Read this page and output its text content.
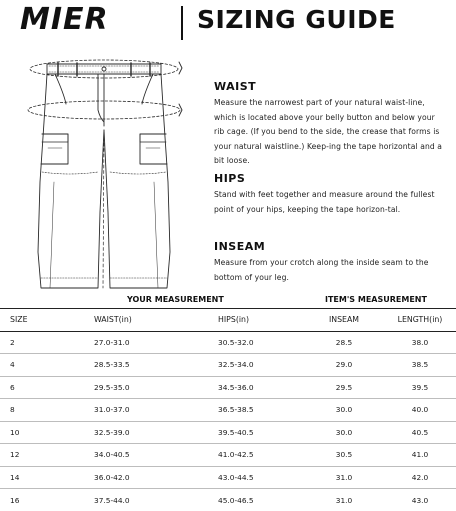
MIER	SIZING GUIDE
WAIST

Measure the narrowest part of your natural waist-line, which is located above your belly button and below your rib cage. (If you bend to the side, the crease that forms is your natural waistline.) Keep-ing the tape horizontal and a bit loose.

HIPS

Stand with feet together and measure around the fullest point of your hips, keeping the tape horizon-tal.

INSEAM

Measure from your crotch along the inside seam to the bottom of your leg.

YOUR MEASUREMENT	ITEM'S MEASUREMENT
SIZE	WAIST(in)	HIPS(in)	INSEAM	LENGTH(in)
2	27.0-31.0	30.5-32.0	28.5	38.0
4	28.5-33.5	32.5-34.0	29.0	38.5
6	29.5-35.0	34.5-36.0	29.5	39.5
8	31.0-37.0	36.5-38.5	30.0	40.0
10	32.5-39.0	39.5-40.5	30.0	40.5
12	34.0-40.5	41.0-42.5	30.5	41.0
14	36.0-42.0	43.0-44.5	31.0	42.0
16	37.5-44.0	45.0-46.5	31.0	43.0
